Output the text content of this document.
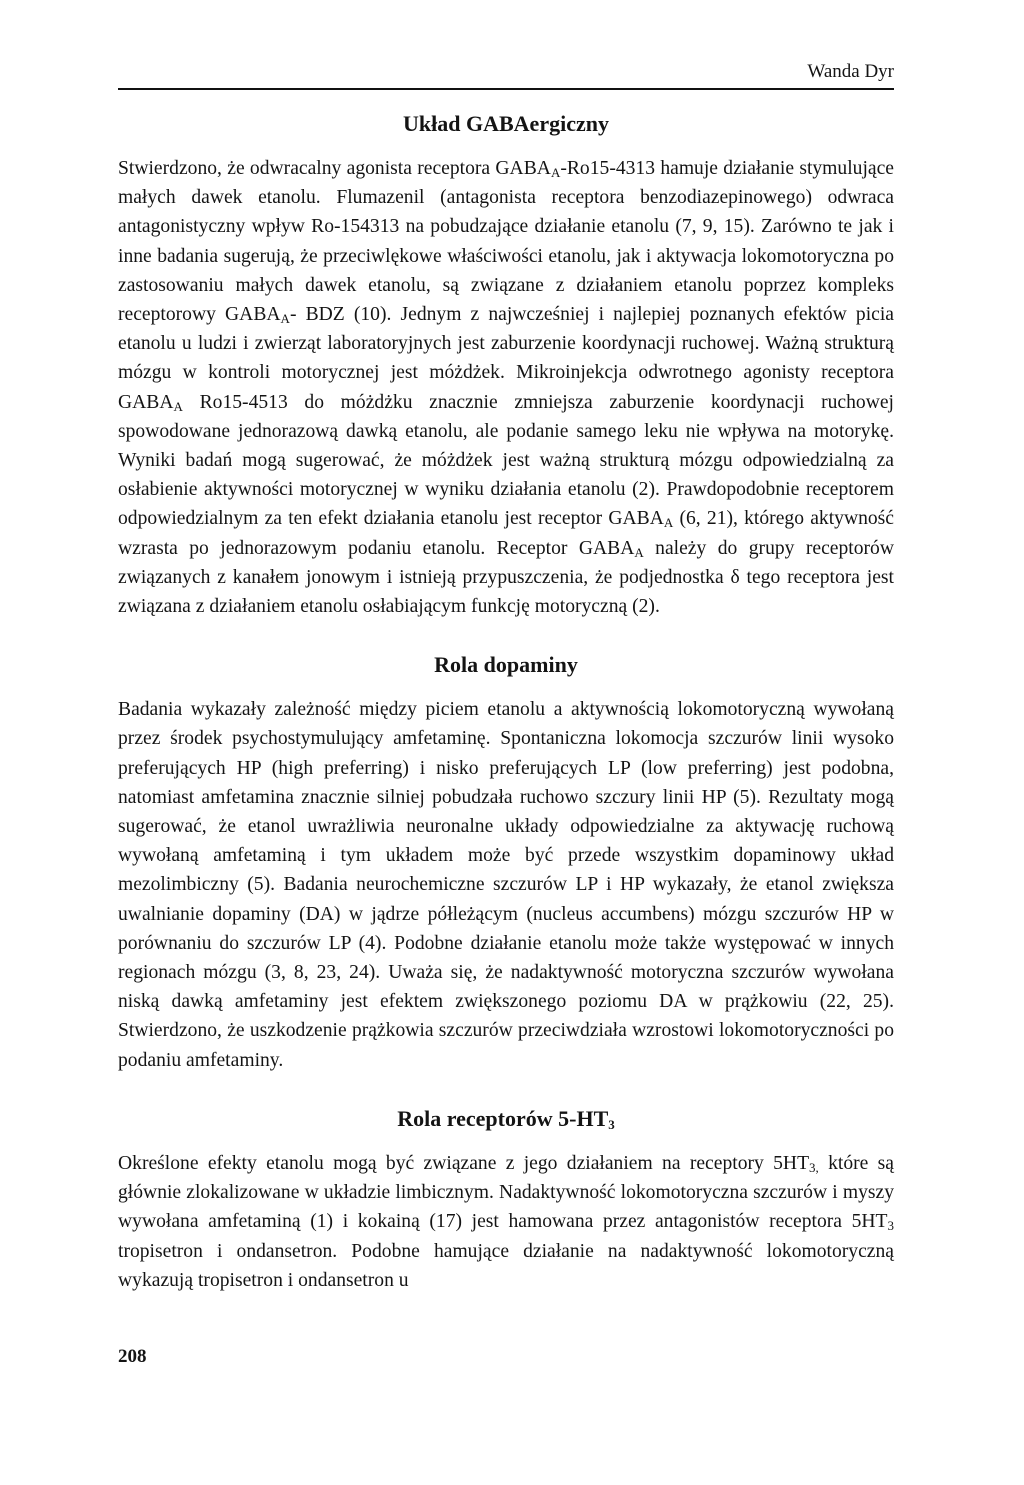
Wanda Dyr
Układ GABAergiczny

Stwierdzono, że odwracalny agonista receptora $GABA_A-Ro15-4313$ hamuje działanie stymulujące małych dawek etanolu. Flumazenil (antagonista receptora benzodiazepinowego) odwraca antagonistyczny wpływ Ro-154313 na pobudzające działanie etanolu (7, 9, 15). Zarówno te jak i inne badania sugerują, że przeciwlękowe właściwości etanolu, jak i aktywacja lokomotoryczna po zastosowaniu małych dawek etanolu, są związane z działaniem etanolu poprzez kompleks receptorowy $GABA_A-$ BDZ (10). Jednym z najwcześniej i najlepiej poznanych efektów picia etanolu u ludzi i zwierząt laboratoryjnych jest zaburzenie koordynacji ruchowej. Ważną strukturą mózgu w kontroli motorycznej jest móżdżek. Mikroinjekcja odwrotnego agonisty receptora $GABA_A$ Ro15-4513 do móżdżku znacznie zmniejsza zaburzenie koordynacji ruchowej spowodowane jednorazową dawką etanolu, ale podanie samego leku nie wpływa na motorykę. Wyniki badań mogą sugerować, że móżdżek jest ważną strukturą mózgu odpowiedzialną za osłabienie aktywności motorycznej w wyniku działania etanolu (2). Prawdopodobnie receptorem odpowiedzialnym za ten efekt działania etanolu jest receptor $GABA_A$ (6, 21), którego aktywność wzrasta po jednorazowym podaniu etanolu. Receptor $GABA_A$ należy do grupy receptorów związanych z kanałem jonowym i istnieją przypuszczenia, że podjednostka δ tego receptora jest związana z działaniem etanolu osłabiającym funkcję motoryczną (2).

Rola dopaminy

Badania wykazały zależność między piciem etanolu a aktywnością lokomotoryczną wywołaną przez środek psychostymulujący amfetaminę. Spontaniczna lokomocja szczurów linii wysoko preferujących HP (high preferring) i nisko preferujących LP (low preferring) jest podobna, natomiast amfetamina znacznie silniej pobudzała ruchowo szczury linii HP (5). Rezultaty mogą sugerować, że etanol uwrażliwia neuronalne układy odpowiedzialne za aktywację ruchową wywołaną amfetaminą i tym układem może być przede wszystkim dopaminowy układ mezolimbiczny (5). Badania neurochemiczne szczurów LP i HP wykazały, że etanol zwiększa uwalnianie dopaminy (DA) w jądrze półleżącym (nucleus accumbens) mózgu szczurów HP w porównaniu do szczurów LP (4). Podobne działanie etanolu może także występować w innych regionach mózgu (3, 8, 23, 24). Uważa się, że nadaktywność motoryczna szczurów wywołana niską dawką amfetaminy jest efektem zwiększonego poziomu DA w prążkowiu (22, 25). Stwierdzono, że uszkodzenie prążkowia szczurów przeciwdziała wzrostowi lokomotoryczności po podaniu amfetaminy.

Rola receptorów $5-HT_3$

Określone efekty etanolu mogą być związane z jego działaniem na receptory $5HT_{3,}$ które są głównie zlokalizowane w układzie limbicznym. Nadaktywność lokomotoryczna szczurów i myszy wywołana amfetaminą (1) i kokainą (17) jest hamowana przez antagonistów receptora $5HT_3$ tropisetron i ondansetron. Podobne hamujące działanie na nadaktywność lokomotoryczną wykazują tropisetron i ondansetron u

208
